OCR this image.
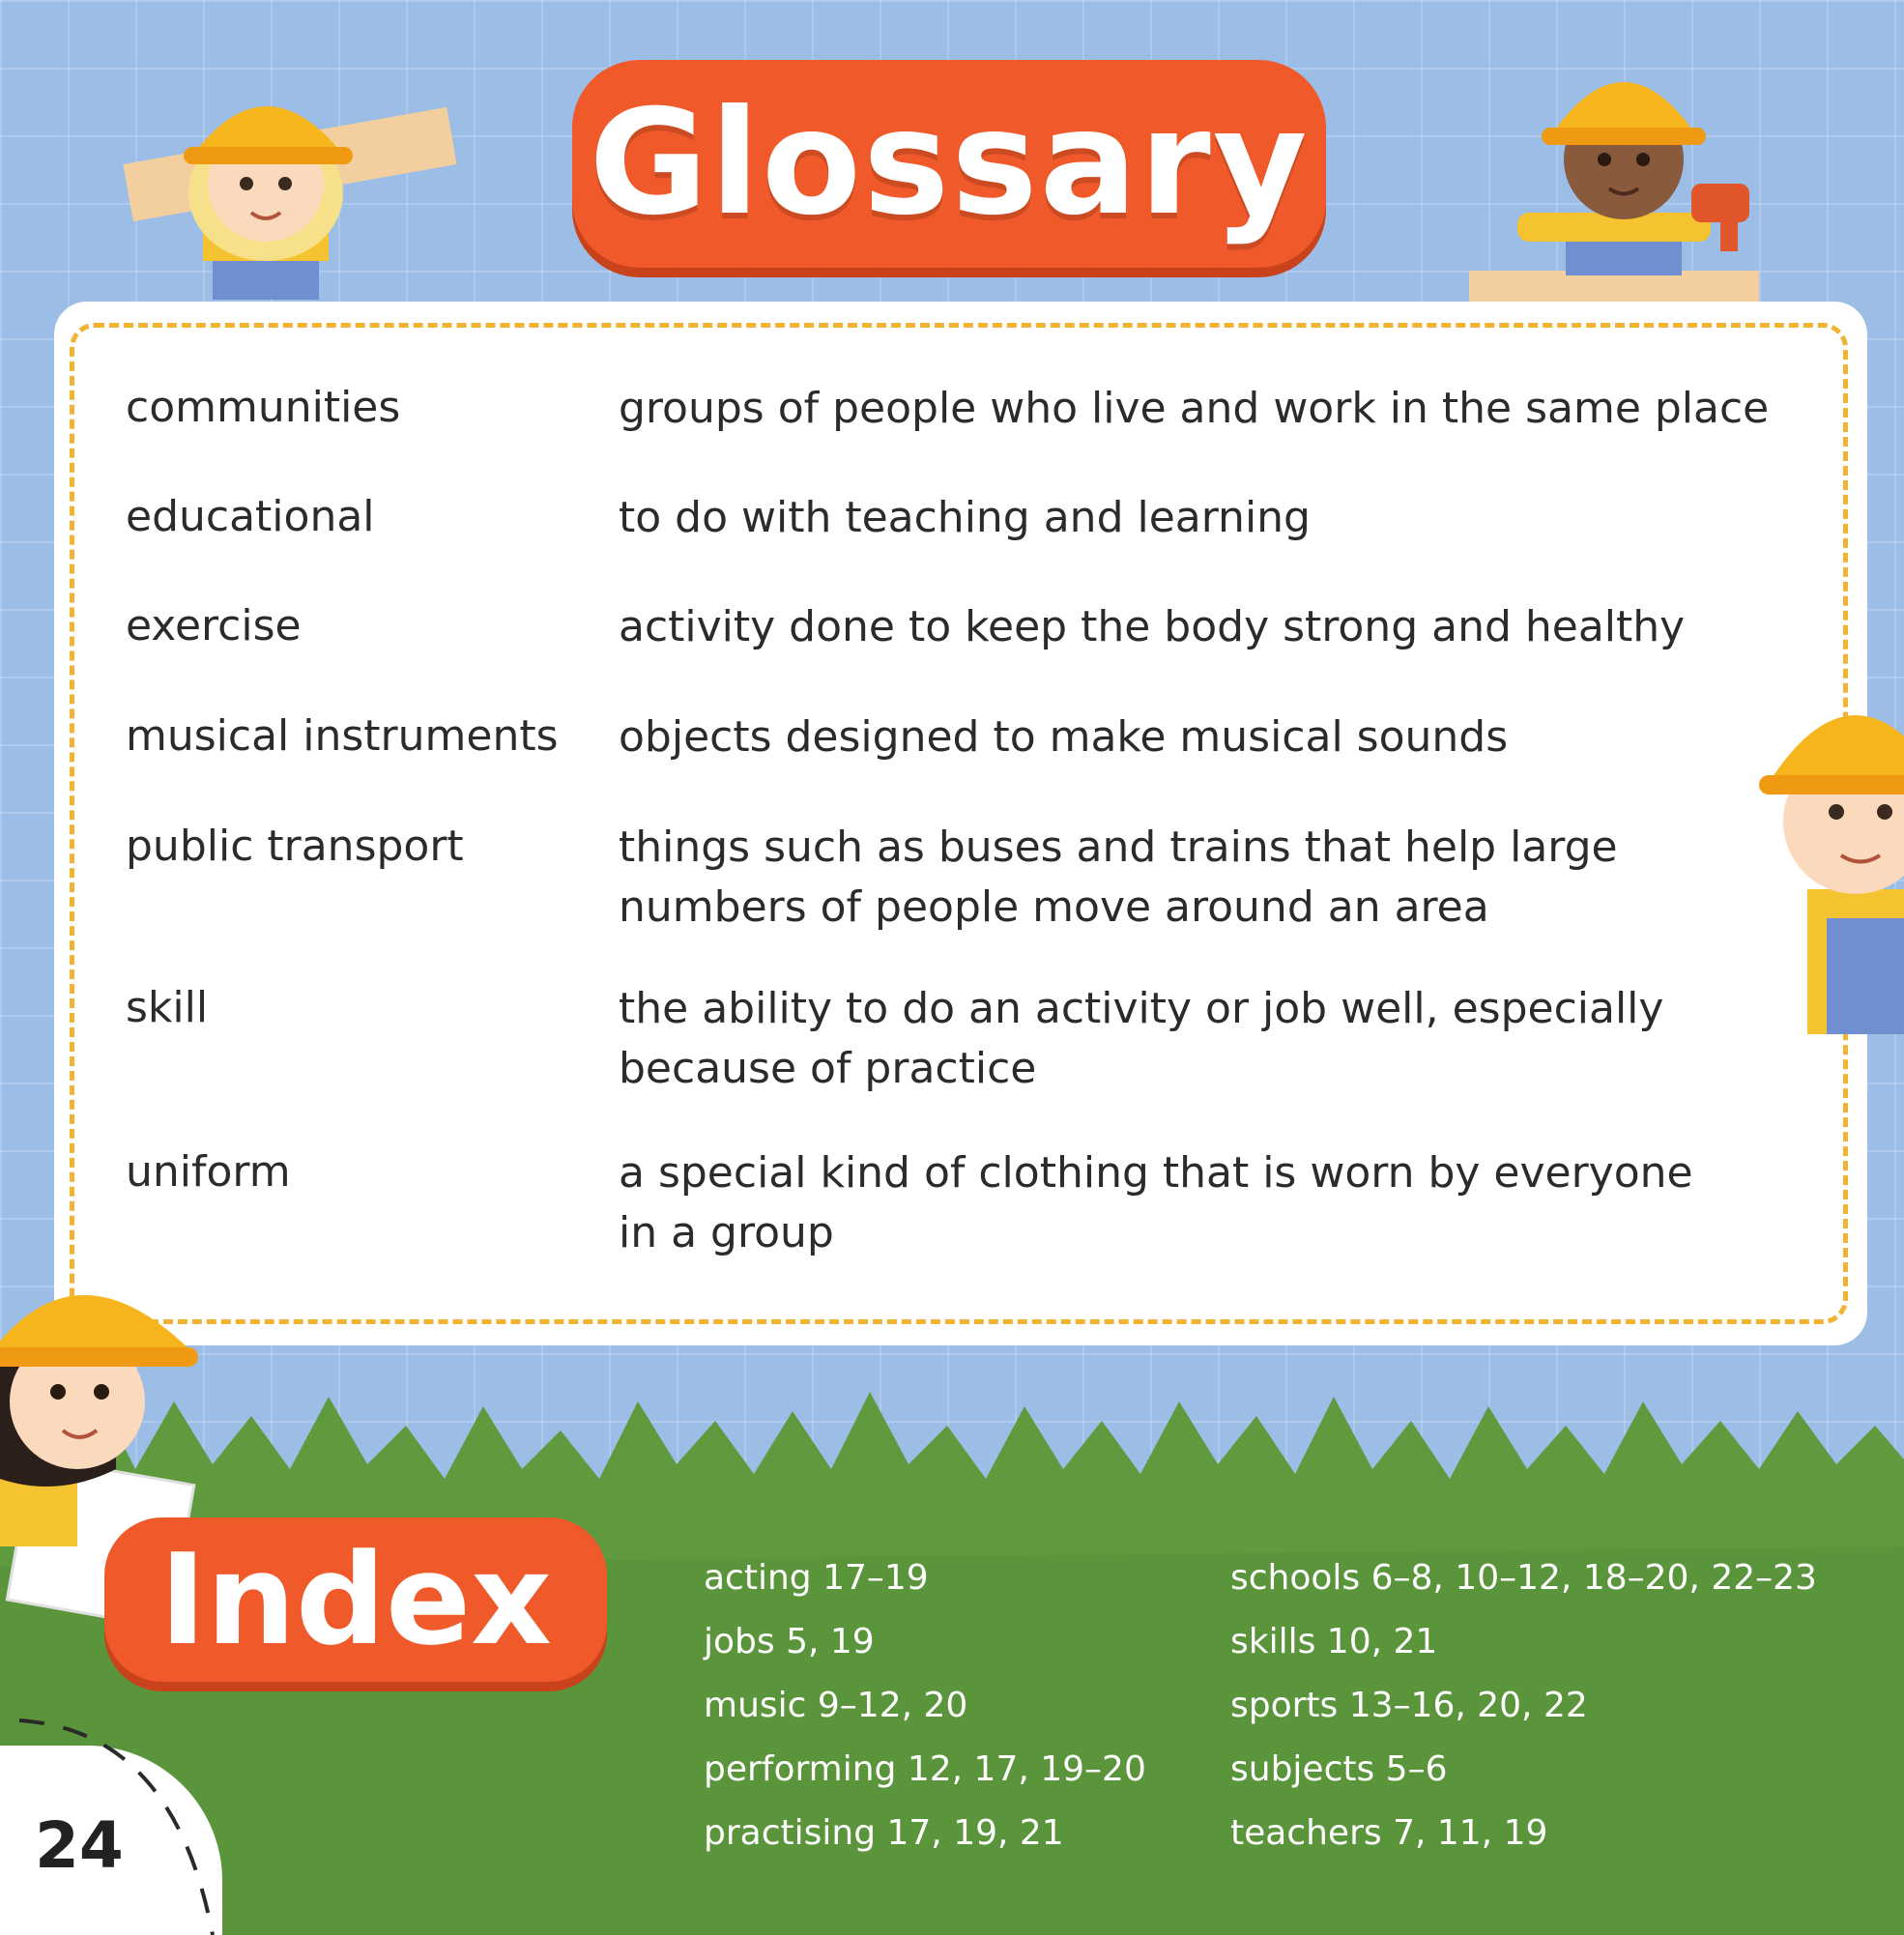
Glossary
communities	groups of people who live and work in the same place
educational	to do with teaching and learning
exercise	activity done to keep the body strong and healthy
musical instruments	objects designed to make musical sounds
public transport	things such as buses and trains that help large numbers of people move around an area
skill	the ability to do an activity or job well, especially because of practice
uniform	a special kind of clothing that is worn by everyone in a group
Index	acting 17–19
jobs 5, 19
music 9–12, 20
performing 12, 17, 19–20
practising 17, 19, 21
schools 6–8, 10–12, 18–20, 22–23
skills 10, 21
sports 13–16, 20, 22
subjects 5–6
teachers 7, 11, 19
24
